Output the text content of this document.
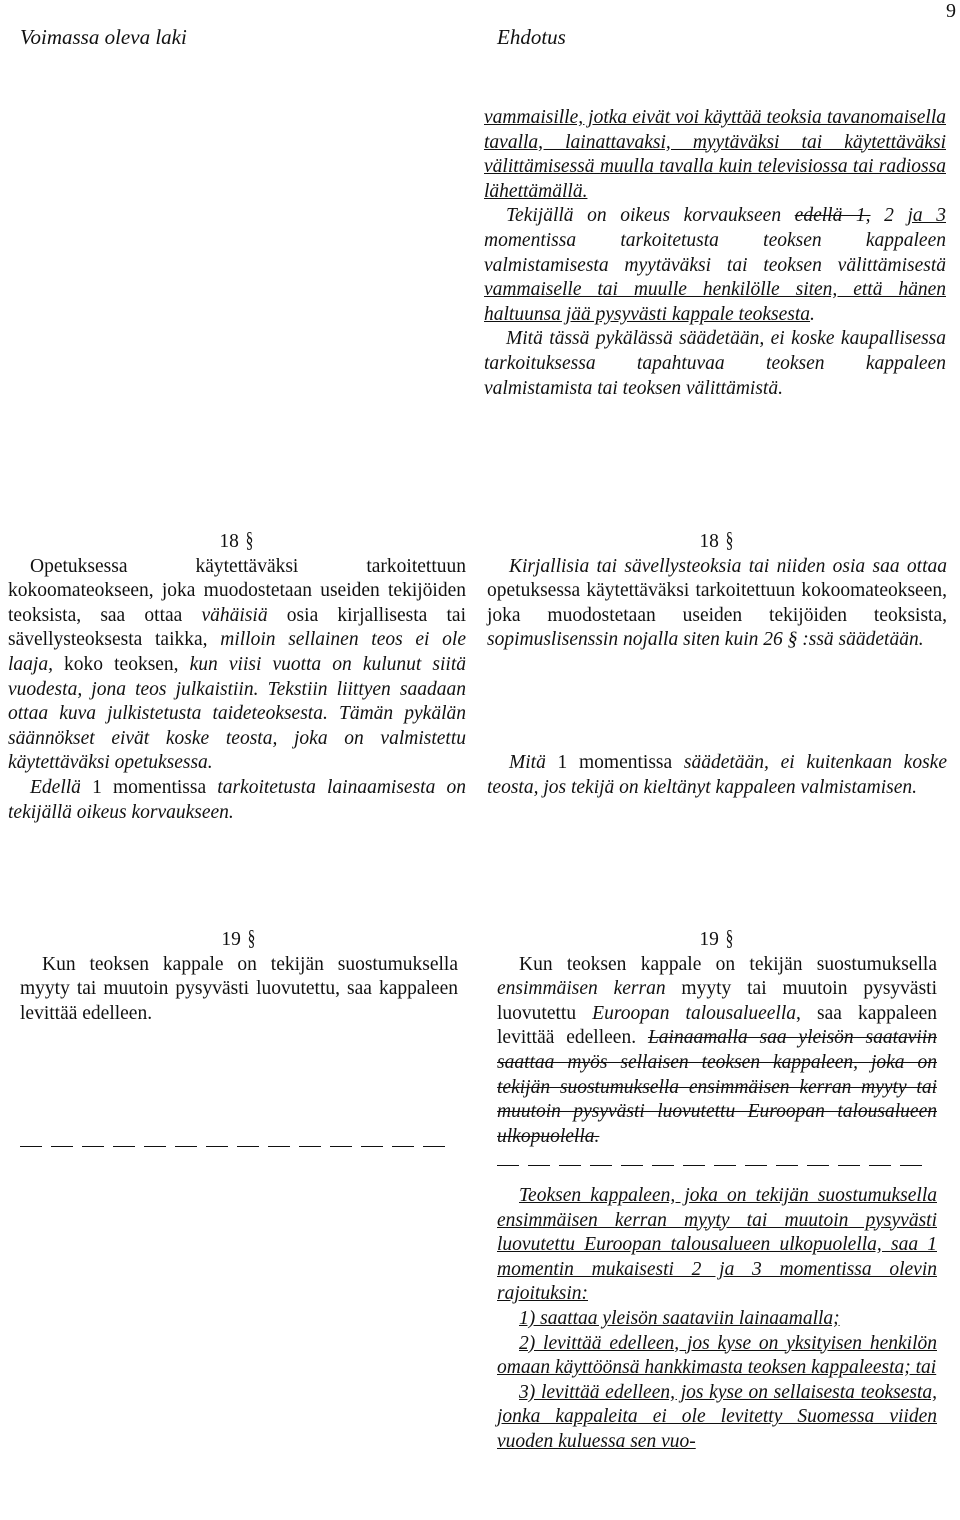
Voimassa oleva laki	Ehdotus
9

vammaisille, jotka eivät voi käyttää teoksia tavanomaisella tavalla, lainattavaksi, myytäväksi tai käytettäväksi välittämisessä muulla tavalla kuin televisiossa tai radiossa lähettämällä.

Tekijällä on oikeus korvaukseen edellä 1, 2 ja 3 momentissa tarkoitetusta teoksen kappaleen valmistamisesta myytäväksi tai teoksen välittämisestä vammaiselle tai muulle henkilölle siten, että hänen haltuunsa jää pysyvästi kappale teoksesta.

Mitä tässä pykälässä säädetään, ei koske kaupallisessa tarkoituksessa tapahtuvaa teoksen kappaleen valmistamista tai teoksen välittämistä.

18 §

Opetuksessa käytettäväksi tarkoitettuun kokoomateokseen, joka muodostetaan useiden tekijöiden teoksista, saa ottaa vähäisiä osia kirjallisesta tai sävellysteoksesta taikka, milloin sellainen teos ei ole laaja, koko teoksen, kun viisi vuotta on kulunut siitä vuodesta, jona teos julkaistiin. Tekstiin liittyen saadaan ottaa kuva julkistetusta taideteoksesta. Tämän pykälän säännökset eivät koske teosta, joka on valmistettu käytettäväksi opetuksessa.

Edellä 1 momentissa tarkoitetusta lainaamisesta on tekijällä oikeus korvaukseen.

18 §

Kirjallisia tai sävellysteoksia tai niiden osia saa ottaa opetuksessa käytettäväksi tarkoitettuun kokoomateokseen, joka muodostetaan useiden tekijöiden teoksista, sopimuslisenssin nojalla siten kuin 26 § :ssä säädetään.

Mitä 1 momentissa säädetään, ei kuitenkaan koske teosta, jos tekijä on kieltänyt kappaleen valmistamisen.

19 §

Kun teoksen kappale on tekijän suostumuksella myyty tai muutoin pysyvästi luovutettu, saa kappaleen levittää edelleen.

19 §

Kun teoksen kappale on tekijän suostumuksella ensimmäisen kerran myyty tai muutoin pysyvästi luovutettu Euroopan talousalueella, saa kappaleen levittää edelleen. Lainaamalla saa yleisön saataviin saattaa myös sellaisen teoksen kappaleen, joka on tekijän suostumuksella ensimmäisen kerran myyty tai muutoin pysyvästi luovutettu Euroopan talousalueen ulkopuolella.

Teoksen kappaleen, joka on tekijän suostumuksella ensimmäisen kerran myyty tai muutoin pysyvästi luovutettu Euroopan talousalueen ulkopuolella, saa 1 momentin mukaisesti 2 ja 3 momentissa olevin rajoituksin:

1) saattaa yleisön saataviin lainaamalla;

2) levittää edelleen, jos kyse on yksityisen henkilön omaan käyttöönsä hankkimasta teoksen kappaleesta; tai

3) levittää edelleen, jos kyse on sellaisesta teoksesta, jonka kappaleita ei ole levitetty Suomessa viiden vuoden kuluessa sen vuo-
